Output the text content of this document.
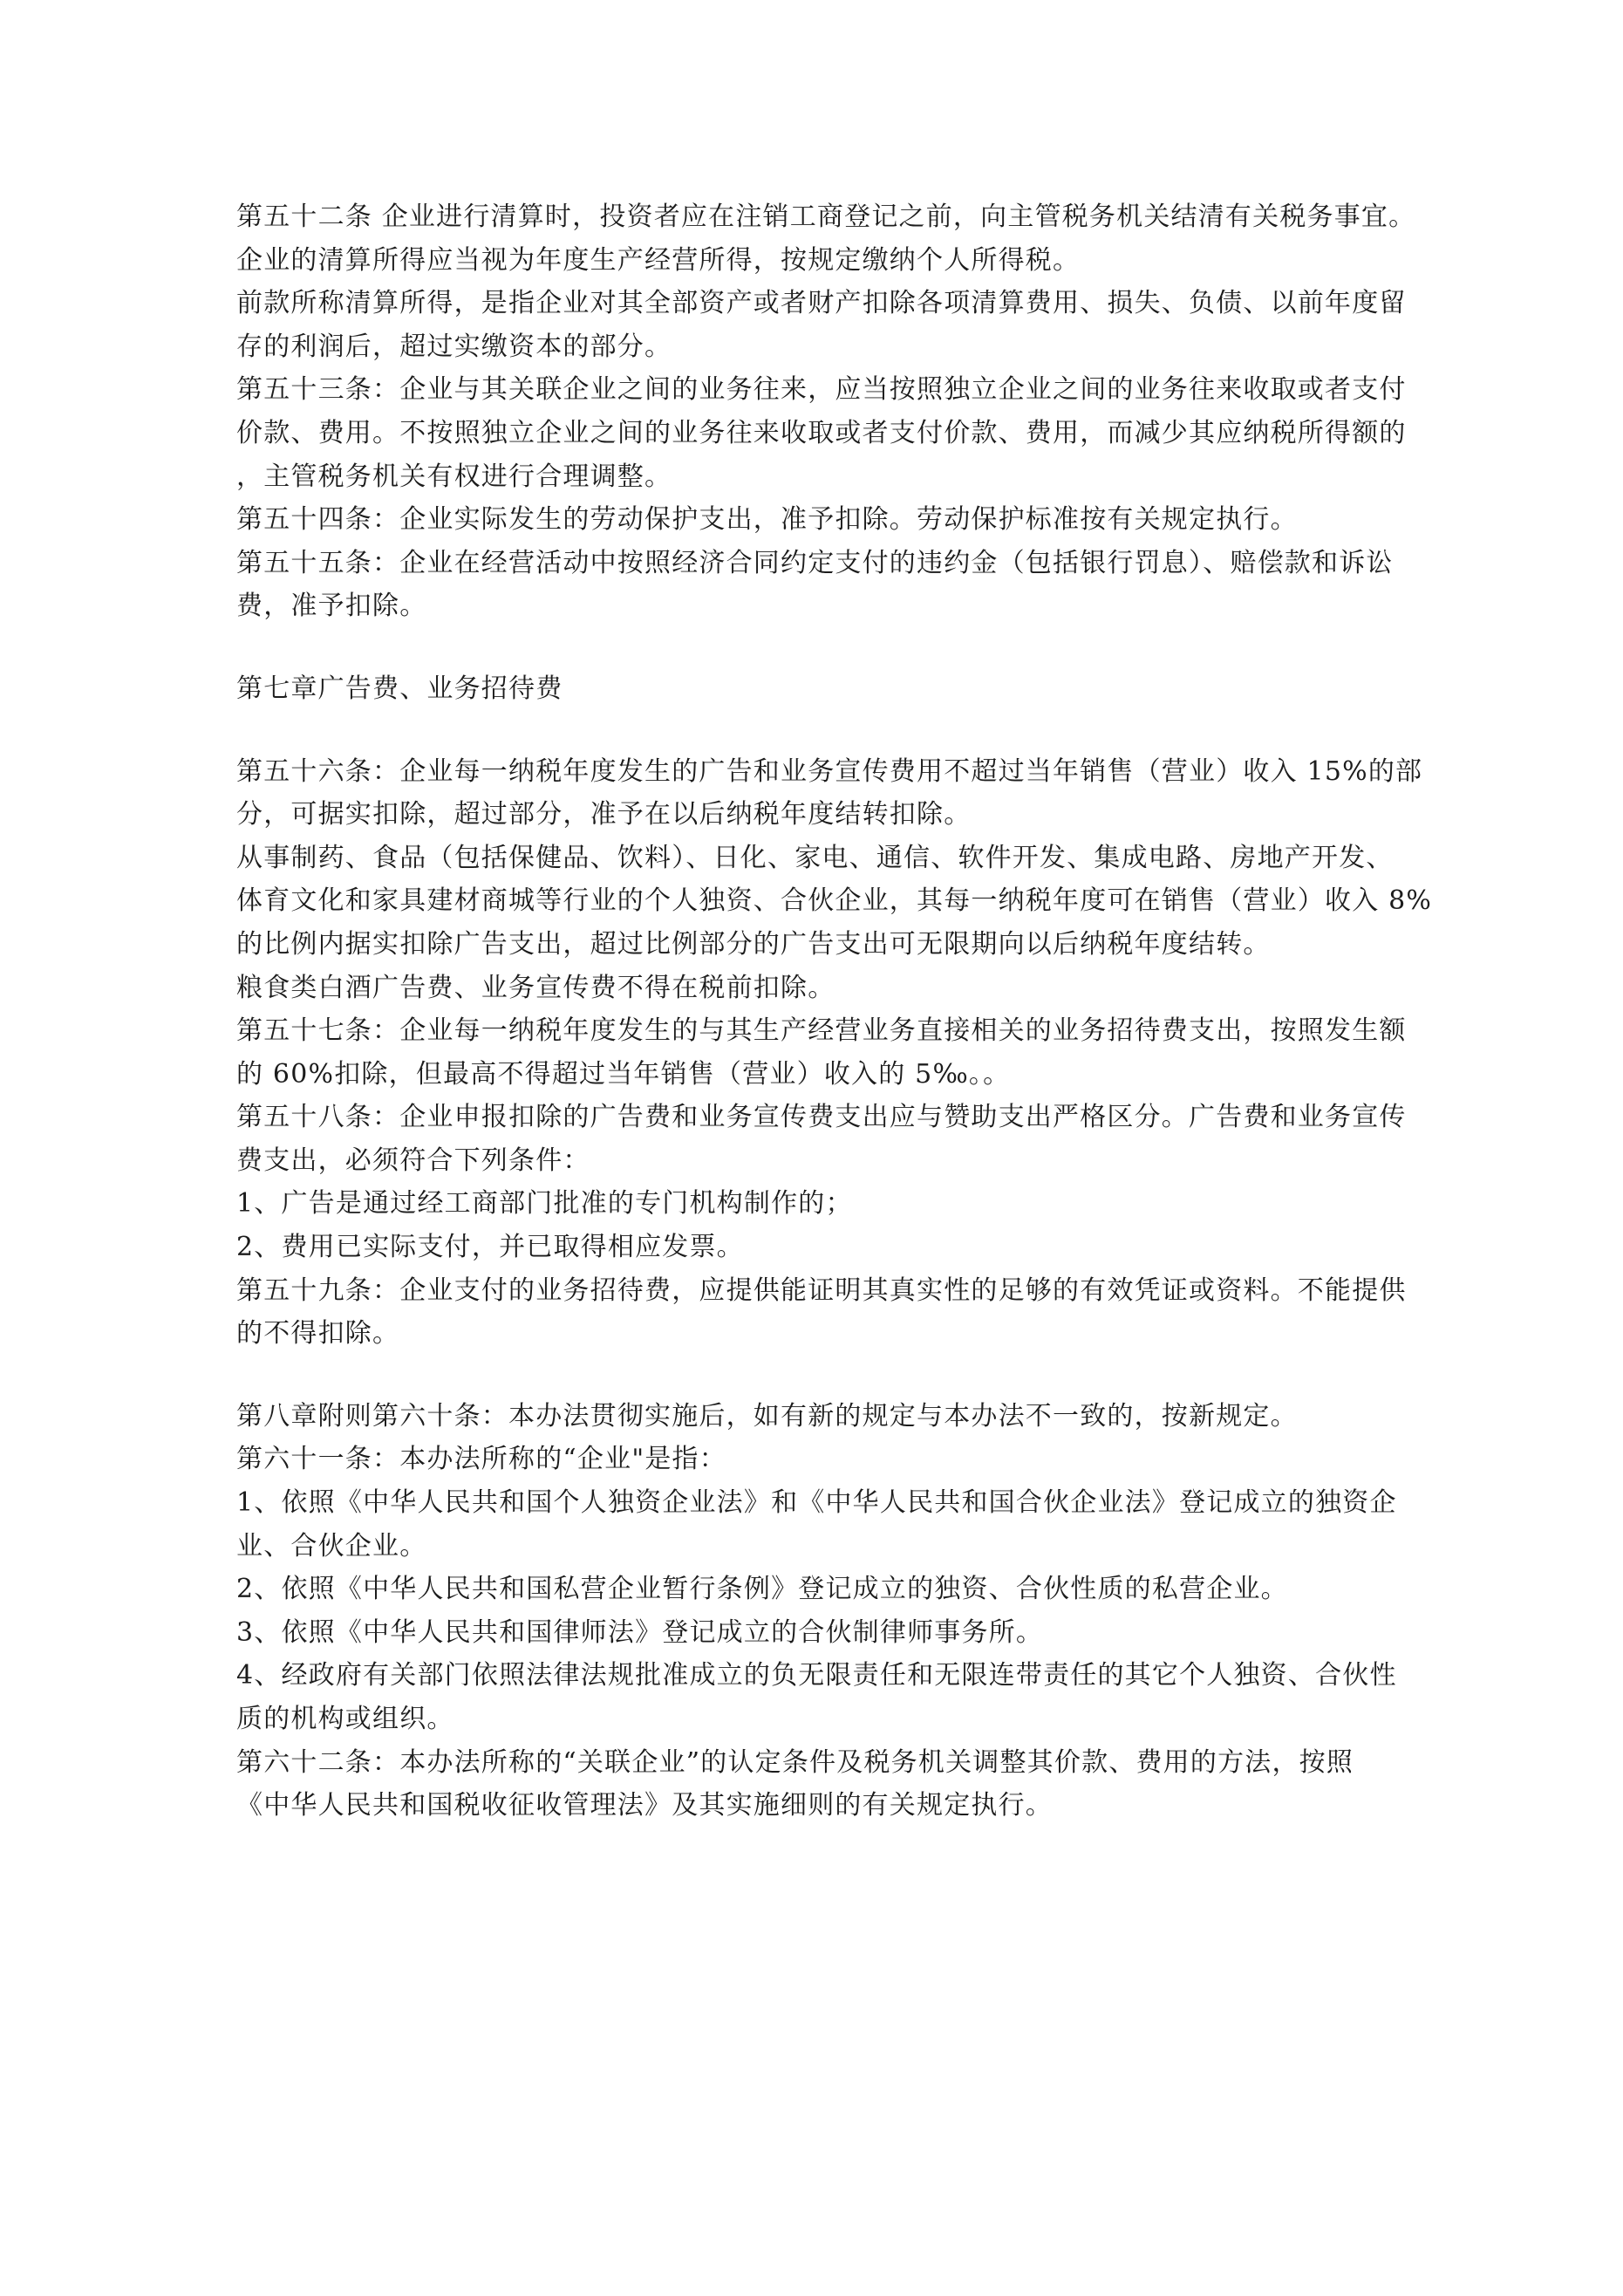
第五十二条 企业进行清算时，投资者应在注销工商登记之前，向主管税务机关结清有关税务事宜。
企业的清算所得应当视为年度生产经营所得，按规定缴纳个人所得税。
前款所称清算所得，是指企业对其全部资产或者财产扣除各项清算费用、损失、负债、以前年度留
存的利润后，超过实缴资本的部分。
第五十三条：企业与其关联企业之间的业务往来，应当按照独立企业之间的业务往来收取或者支付
价款、费用。不按照独立企业之间的业务往来收取或者支付价款、费用，而减少其应纳税所得额的
，主管税务机关有权进行合理调整。
第五十四条：企业实际发生的劳动保护支出，准予扣除。劳动保护标准按有关规定执行。
第五十五条：企业在经营活动中按照经济合同约定支付的违约金（包括银行罚息）、赔偿款和诉讼
费，准予扣除。
第七章广告费、业务招待费
第五十六条：企业每一纳税年度发生的广告和业务宣传费用不超过当年销售（营业）收入 15%的部
分，可据实扣除，超过部分，准予在以后纳税年度结转扣除。
从事制药、食品（包括保健品、饮料）、日化、家电、通信、软件开发、集成电路、房地产开发、
体育文化和家具建材商城等行业的个人独资、合伙企业，其每一纳税年度可在销售（营业）收入 8%
的比例内据实扣除广告支出，超过比例部分的广告支出可无限期向以后纳税年度结转。
粮食类白酒广告费、业务宣传费不得在税前扣除。
第五十七条：企业每一纳税年度发生的与其生产经营业务直接相关的业务招待费支出，按照发生额
的 60%扣除，但最高不得超过当年销售（营业）收入的 5‰。。
第五十八条：企业申报扣除的广告费和业务宣传费支出应与赞助支出严格区分。广告费和业务宣传
费支出，必须符合下列条件：
1、广告是通过经工商部门批准的专门机构制作的；
2、费用已实际支付，并已取得相应发票。
第五十九条：企业支付的业务招待费，应提供能证明其真实性的足够的有效凭证或资料。不能提供
的不得扣除。
第八章附则第六十条：本办法贯彻实施后，如有新的规定与本办法不一致的，按新规定。
第六十一条：本办法所称的“企业"是指：
1、依照《中华人民共和国个人独资企业法》和《中华人民共和国合伙企业法》登记成立的独资企
业、合伙企业。
2、依照《中华人民共和国私营企业暂行条例》登记成立的独资、合伙性质的私营企业。
3、依照《中华人民共和国律师法》登记成立的合伙制律师事务所。
4、经政府有关部门依照法律法规批准成立的负无限责任和无限连带责任的其它个人独资、合伙性
质的机构或组织。
第六十二条：本办法所称的“关联企业”的认定条件及税务机关调整其价款、费用的方法，按照
《中华人民共和国税收征收管理法》及其实施细则的有关规定执行。
